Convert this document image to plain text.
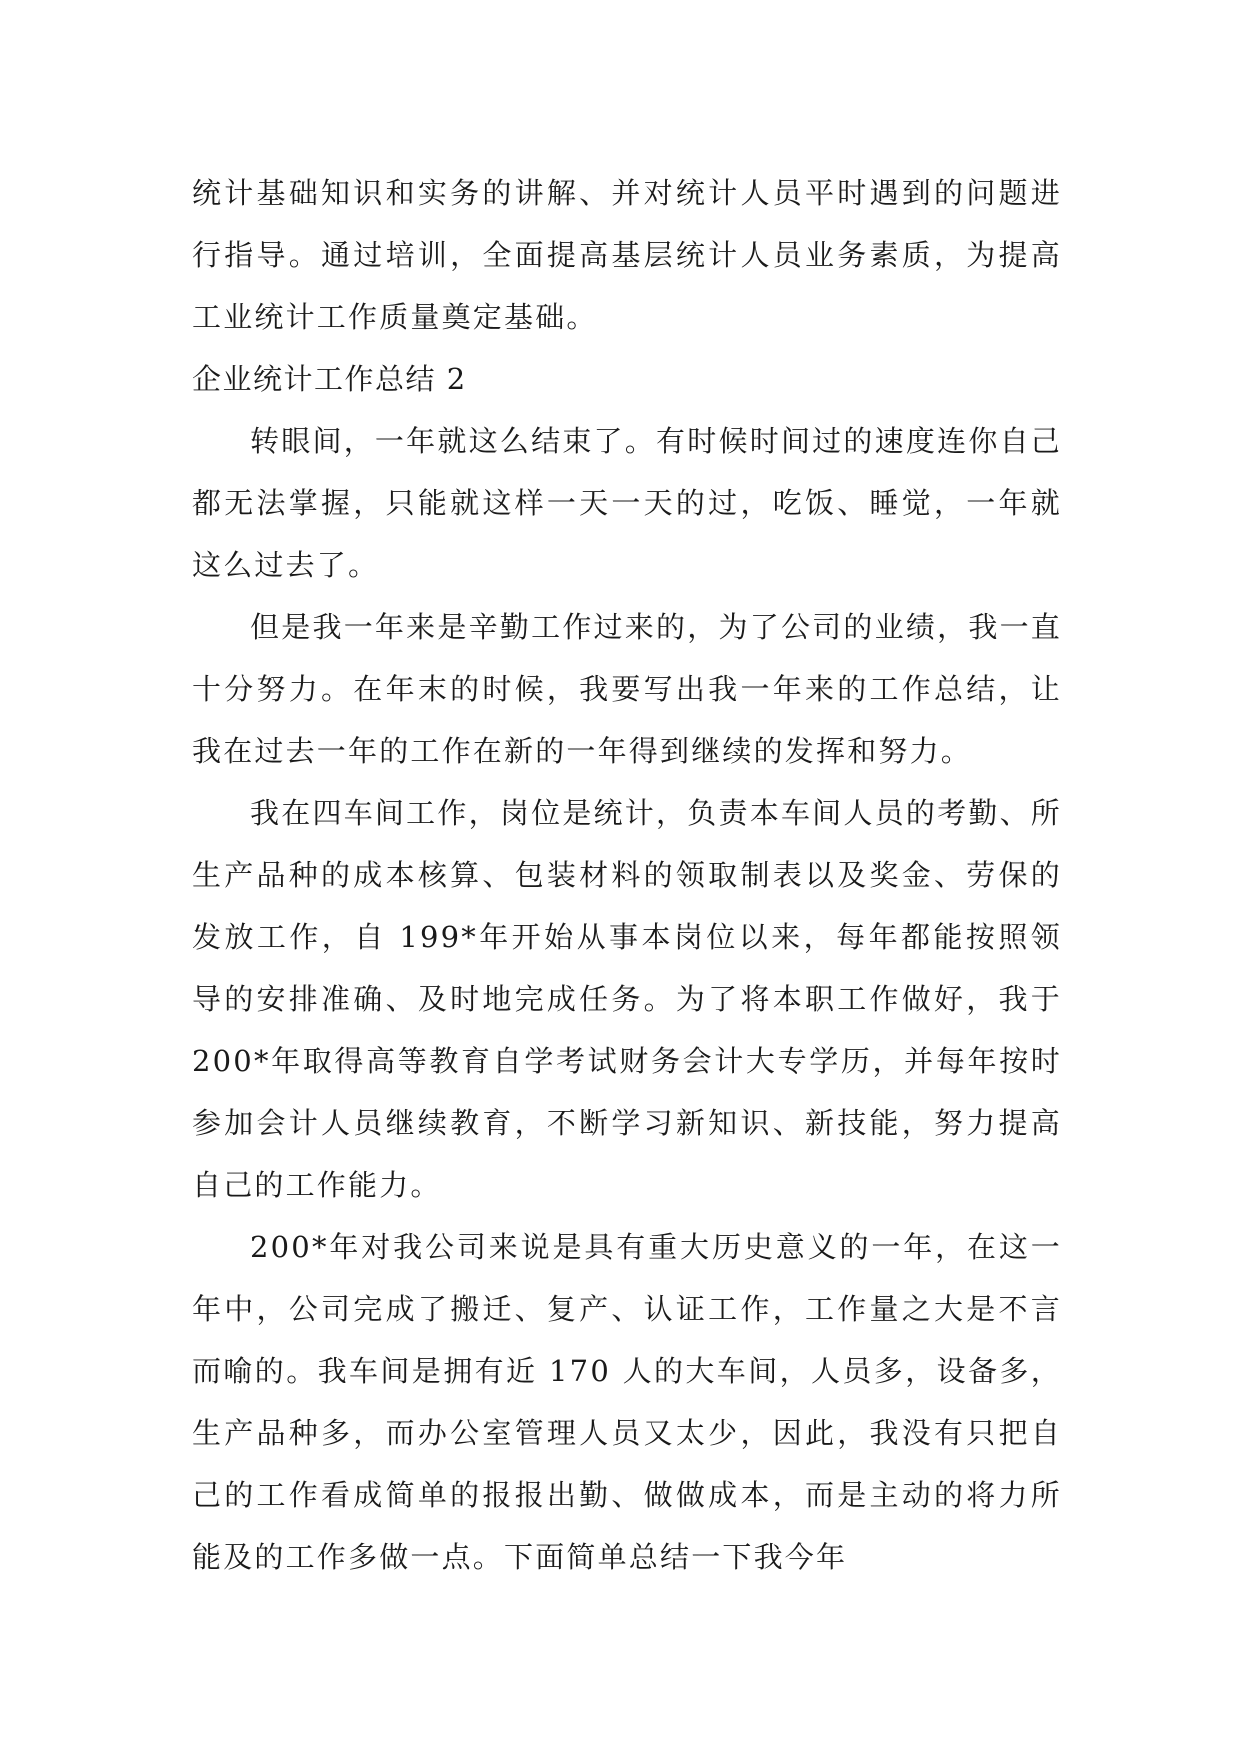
统计基础知识和实务的讲解、并对统计人员平时遇到的问题进行指导。通过培训，全面提高基层统计人员业务素质，为提高工业统计工作质量奠定基础。

企业统计工作总结 2

转眼间，一年就这么结束了。有时候时间过的速度连你自己都无法掌握，只能就这样一天一天的过，吃饭、睡觉，一年就这么过去了。

但是我一年来是辛勤工作过来的，为了公司的业绩，我一直十分努力。在年末的时候，我要写出我一年来的工作总结，让我在过去一年的工作在新的一年得到继续的发挥和努力。

我在四车间工作，岗位是统计，负责本车间人员的考勤、所生产品种的成本核算、包装材料的领取制表以及奖金、劳保的发放工作，自 199*年开始从事本岗位以来，每年都能按照领导的安排准确、及时地完成任务。为了将本职工作做好，我于 200*年取得高等教育自学考试财务会计大专学历，并每年按时参加会计人员继续教育，不断学习新知识、新技能，努力提高自己的工作能力。

200*年对我公司来说是具有重大历史意义的一年，在这一年中，公司完成了搬迁、复产、认证工作，工作量之大是不言而喻的。我车间是拥有近 170 人的大车间，人员多，设备多，生产品种多，而办公室管理人员又太少，因此，我没有只把自己的工作看成简单的报报出勤、做做成本，而是主动的将力所能及的工作多做一点。下面简单总结一下我今年
